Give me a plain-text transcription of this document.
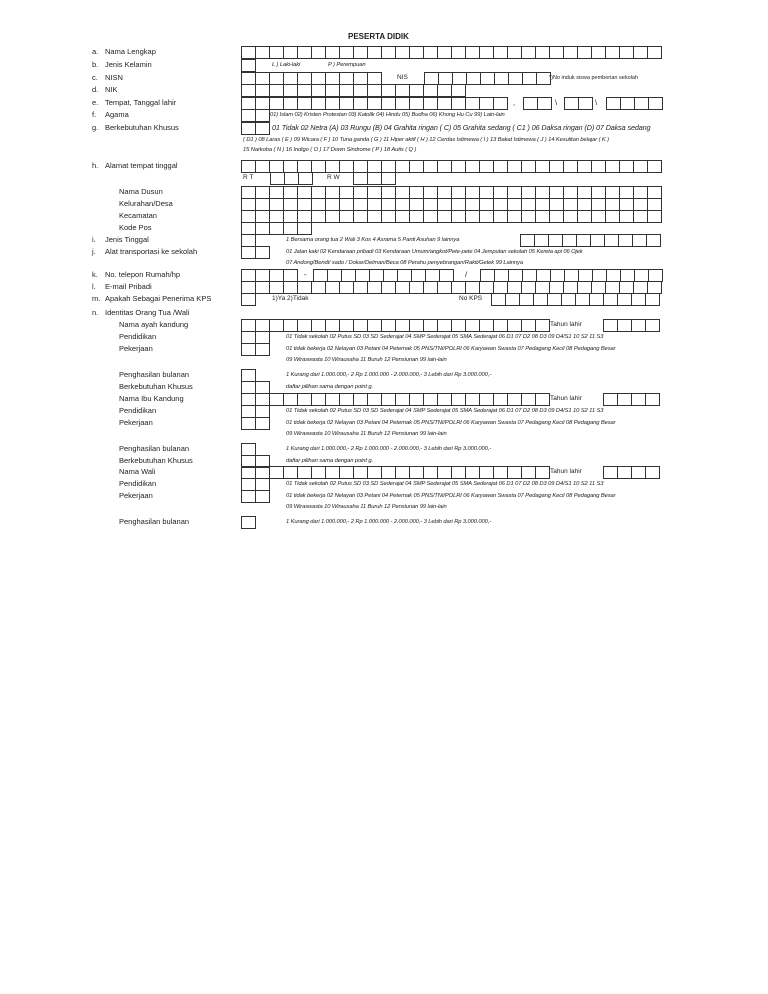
PESERTA DIDIK
a. Nama Lengkap
b. Jenis Kelamin	L ) Laki-laki	P ) Perempuan
c. NISN	NIS	*)No induk siswa pemberian sekolah
d. NIK
e. Tempat, Tanggal lahir	,	\	\
f. Agama	01) Islam 02) Kristen Protestan 03) Katolik 04) Hindu 05) Budha 06) Khong Hu Cu 99) Lain-lain
g. Berkebutuhan Khusus	01 Tidak 02 Netra (A) 03 Rungu (B) 04 Grahita ringan ( C) 05 Grahita sedang ( C1 ) 06 Daksa ringan (D) 07 Daksa sedang
( D1 ) 08 Laras ( E ) 09 Wicara ( F ) 10 Tuna ganda ( G ) 11 Hiper aktif ( H ) 12 Cerdas Istimewa ( I ) 13 Bakat Istimewa ( J ) 14 Kesulitan belajar ( K )
15 Narkoba ( N ) 16 Indigo ( O ) 17 Down Sindrome ( P ) 18 Autis ( Q )
h. Alamat tempat tinggal
R T	R W
Nama Dusun
Kelurahan/Desa
Kecamatan
Kode Pos
i. Jenis Tinggal	1 Bersama orang tua 2 Wali 3 Kos 4 Asrama 5 Panti Asuhan 9 lainnya
j. Alat transportasi ke sekolah	01 Jalan kaki 02 Kendaraan pribadi 03 Kendaraan Umum/angkot/Pete-pete 04 Jemputan sekolah 05 Kereta api 06 Ojek
07 Andong/Bendi/ sado / Dokar/Delman/Beca 08 Perahu penyebrangan/Rakit/Getek 99 Lainnya
k. No. telepon Rumah/hp	-	/
l. E-mail Pribadi
m. Apakah Sebagai Penerima KPS	1)Ya 2)Tidak	No KPS
n. Identitas Orang Tua /Wali
Nama ayah kandung	Tahun lahir
Pendidikan	01 Tidak sekolah 02 Putus SD 03 SD Sederajat 04 SMP Sederajat 05 SMA Sederajat 06 D1 07 D2 08 D3 09 D4/S1 10 S2 11 S3
Pekerjaan	01 tidak bekerja 02 Nelayan 03 Petani 04 Peternak 05 PNS/TNI/POLRI 06 Karyawan Swasta 07 Pedagang Kecil 08 Pedagang Besar
09 Wiraswasta 10 Wirausaha 11 Buruh 12 Pensiunan 99 lain-lain
Penghasilan bulanan	1 Kurang dari 1.000.000,- 2 Rp 1.000.000 - 2.000.000,- 3 Lebih dari Rp 3.000.000,-
Berkebutuhan Khusus	daftar pilihan sama dengan point g.
Nama Ibu Kandung	Tahun lahir
Pendidikan	01 Tidak sekolah 02 Putus SD 03 SD Sederajat 04 SMP Sederajat 05 SMA Sederajat 06 D1 07 D2 08 D3 09 D4/S1 10 S2 11 S3
Pekerjaan	01 tidak bekerja 02 Nelayan 03 Petani 04 Peternak 05 PNS/TNI/POLRI 06 Karyawan Swasta 07 Pedagang Kecil 08 Pedagang Besar
09 Wiraswasta 10 Wirausaha 11 Buruh 12 Pensiunan 99 lain-lain
Penghasilan bulanan	1 Kurang dari 1.000.000,- 2 Rp 1.000.000 - 2.000.000,- 3 Lebih dari Rp 3.000.000,-
Berkebutuhan Khusus	daftar pilihan sama dengan point g.
Nama Wali	Tahun lahir
Pendidikan	01 Tidak sekolah 02 Putus SD 03 SD Sederajat 04 SMP Sederajat 05 SMA Sederajat 06 D1 07 D2 08 D3 09 D4/S1 10 S2 11 S3
Pekerjaan	01 tidak bekerja 02 Nelayan 03 Petani 04 Peternak 05 PNS/TNI/POLRI 06 Karyawan Swasta 07 Pedagang Kecil 08 Pedagang Besar
09 Wiraswasta 10 Wirausaha 11 Buruh 12 Pensiunan 99 lain-lain
Penghasilan bulanan	1 Kurang dari 1.000.000,- 2 Rp 1.000.000 - 2.000.000,- 3 Lebih dari Rp 3.000.000,-
